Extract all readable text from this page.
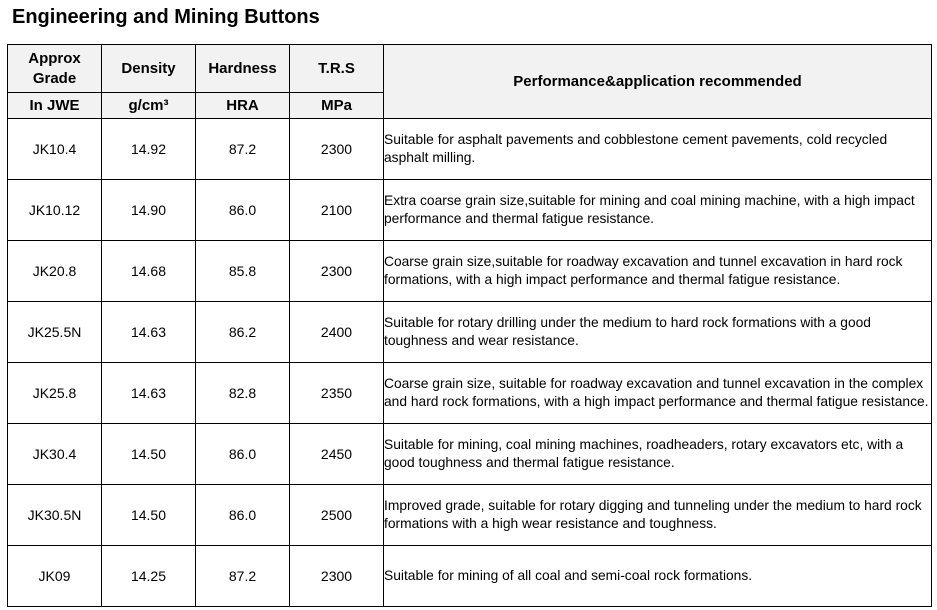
Engineering and Mining Buttons
Approx
Grade	Density	Hardness	T.R.S	Performance&application recommended
In JWE	g/cm³	HRA	MPa	
JK10.4	14.92	87.2	2300	Suitable for asphalt pavements and cobblestone cement pavements, cold recycled asphalt milling.
JK10.12	14.90	86.0	2100	Extra coarse grain size,suitable for mining and coal mining machine, with a high impact performance and thermal fatigue resistance.
JK20.8	14.68	85.8	2300	Coarse grain size,suitable for roadway excavation and tunnel excavation in hard rock formations, with a high impact performance and thermal fatigue resistance.
JK25.5N	14.63	86.2	2400	Suitable for rotary drilling under the medium to hard rock formations with a good toughness and wear resistance.
JK25.8	14.63	82.8	2350	Coarse grain size, suitable for roadway excavation and tunnel excavation in the complex and hard rock formations, with a high impact performance and thermal fatigue resistance.
JK30.4	14.50	86.0	2450	Suitable for mining, coal mining machines, roadheaders, rotary excavators etc, with a good toughness and thermal fatigue resistance.
JK30.5N	14.50	86.0	2500	Improved grade, suitable for rotary digging and tunneling under the medium to hard rock formations with a high wear resistance and toughness.
JK09	14.25	87.2	2300	Suitable for mining of all coal and semi-coal rock formations.
